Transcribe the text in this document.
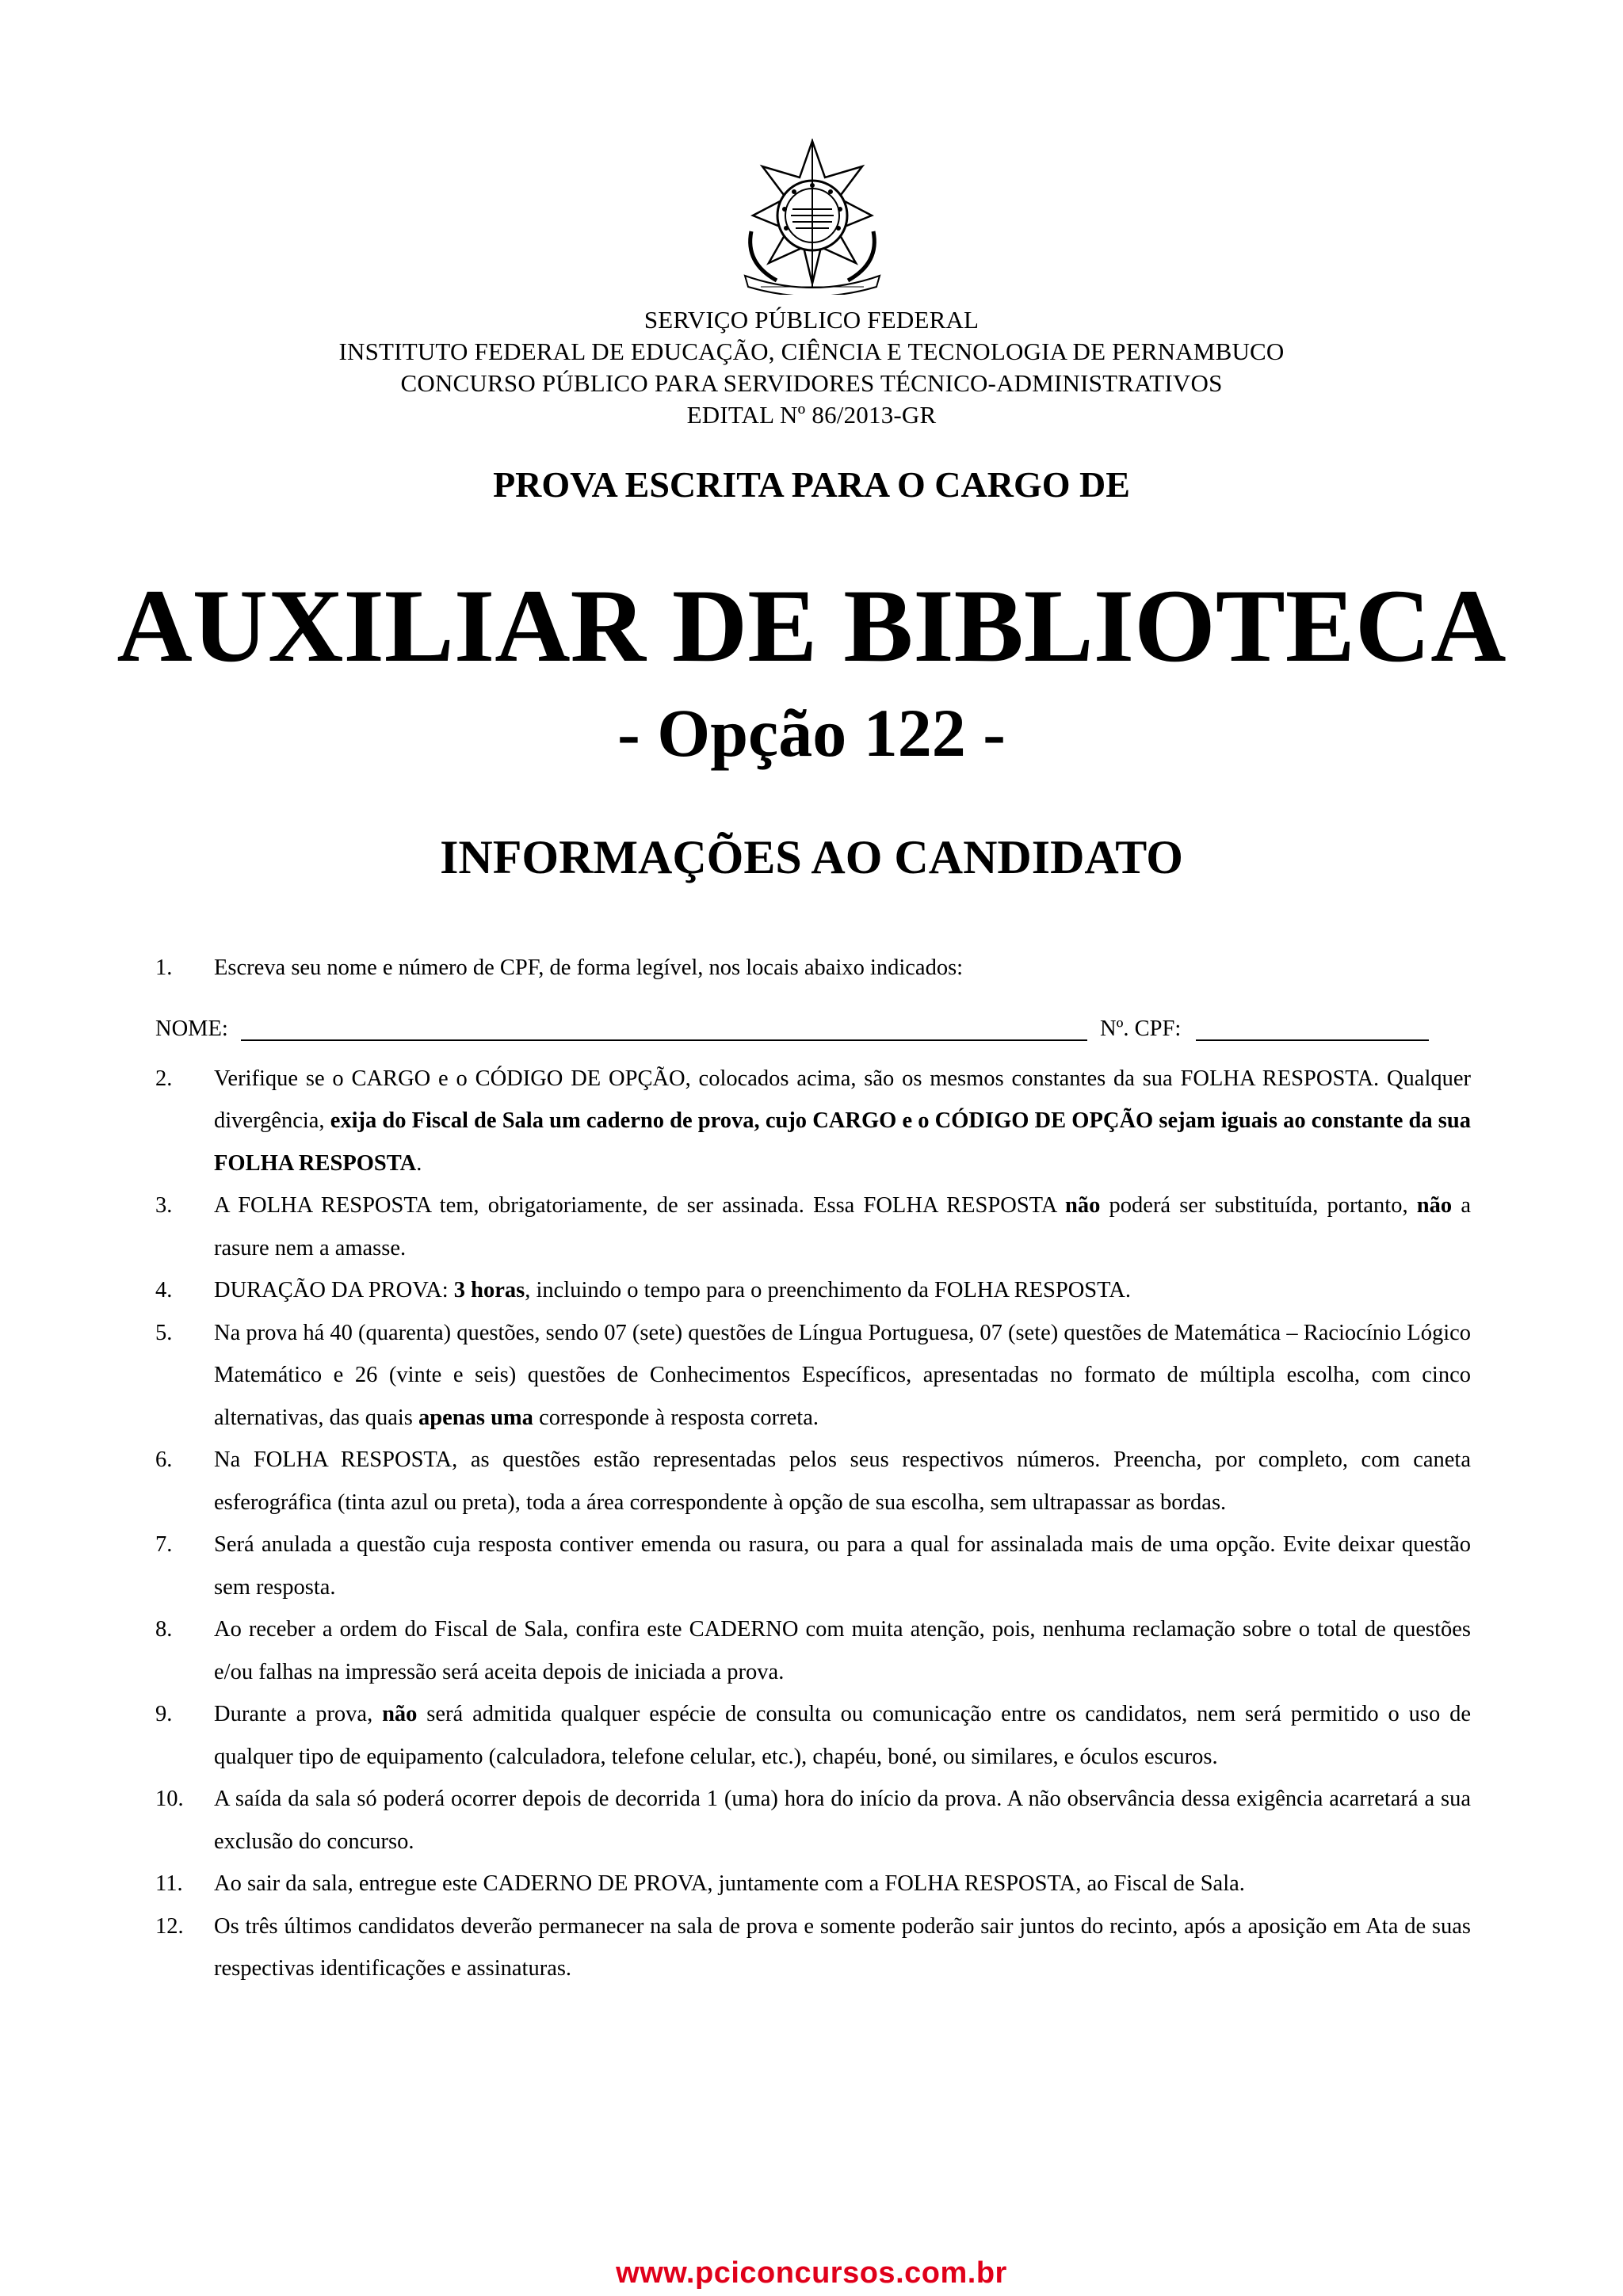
SERVIÇO PÚBLICO FEDERAL
INSTITUTO FEDERAL DE EDUCAÇÃO, CIÊNCIA E TECNOLOGIA DE PERNAMBUCO
CONCURSO PÚBLICO PARA SERVIDORES TÉCNICO-ADMINISTRATIVOS
EDITAL Nº 86/2013-GR
PROVA ESCRITA PARA O CARGO DE
AUXILIAR DE BIBLIOTECA
- Opção 122 -
INFORMAÇÕES AO CANDIDATO
1.	Escreva seu nome e número de CPF, de forma legível, nos locais abaixo indicados:
NOME:	Nº. CPF:
2.	Verifique se o CARGO e o CÓDIGO DE OPÇÃO, colocados acima, são os mesmos constantes da sua FOLHA RESPOSTA. Qualquer divergência, exija do Fiscal de Sala um caderno de prova, cujo CARGO e o CÓDIGO DE OPÇÃO sejam iguais ao constante da sua FOLHA RESPOSTA.
3.	A FOLHA RESPOSTA tem, obrigatoriamente, de ser assinada. Essa FOLHA RESPOSTA não poderá ser substituída, portanto, não a rasure nem a amasse.
4.	DURAÇÃO DA PROVA: 3 horas, incluindo o tempo para o preenchimento da FOLHA RESPOSTA.
5.	Na prova há 40 (quarenta) questões, sendo 07 (sete) questões de Língua Portuguesa, 07 (sete) questões de Matemática – Raciocínio Lógico Matemático e 26 (vinte e seis) questões de Conhecimentos Específicos, apresentadas no formato de múltipla escolha, com cinco alternativas, das quais apenas uma corresponde à resposta correta.
6.	Na FOLHA RESPOSTA, as questões estão representadas pelos seus respectivos números. Preencha, por completo, com caneta esferográfica (tinta azul ou preta), toda a área correspondente à opção de sua escolha, sem ultrapassar as bordas.
7.	Será anulada a questão cuja resposta contiver emenda ou rasura, ou para a qual for assinalada mais de uma opção. Evite deixar questão sem resposta.
8.	Ao receber a ordem do Fiscal de Sala, confira este CADERNO com muita atenção, pois, nenhuma reclamação sobre o total de questões e/ou falhas na impressão será aceita depois de iniciada a prova.
9.	Durante a prova, não será admitida qualquer espécie de consulta ou comunicação entre os candidatos, nem será permitido o uso de qualquer tipo de equipamento (calculadora, telefone celular, etc.), chapéu, boné, ou similares, e óculos escuros.
10.	A saída da sala só poderá ocorrer depois de decorrida 1 (uma) hora do início da prova. A não observância dessa exigência acarretará a sua exclusão do concurso.
11.	Ao sair da sala, entregue este CADERNO DE PROVA, juntamente com a FOLHA RESPOSTA, ao Fiscal de Sala.
12.	Os três últimos candidatos deverão permanecer na sala de prova e somente poderão sair juntos do recinto, após a aposição em Ata de suas respectivas identificações e assinaturas.
www.pciconcursos.com.br
